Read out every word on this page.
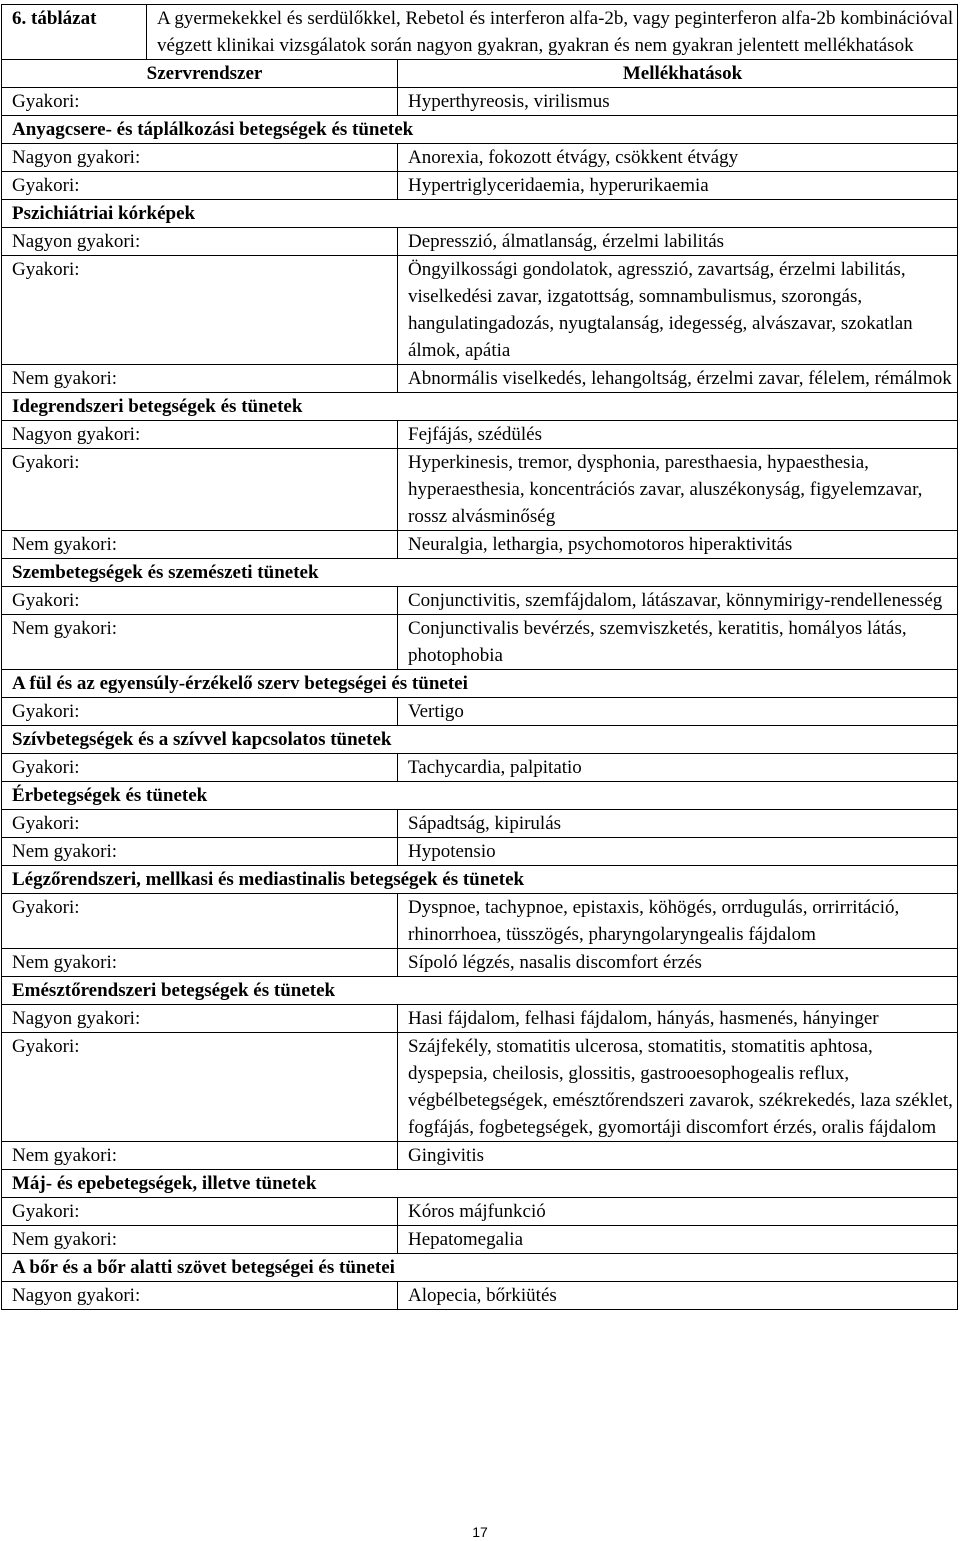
6. táblázat	A gyermekekkel és serdülőkkel, Rebetol és interferon alfa-2b, vagy peginterferon alfa-2b kombinációval végzett klinikai vizsgálatok során nagyon gyakran, gyakran és nem gyakran jelentett mellékhatások	
Szervrendszer		Mellékhatások
Gyakori:		Hyperthyreosis, virilismus
Anyagcsere- és táplálkozási betegségek és tünetek		
Nagyon gyakori:		Anorexia, fokozott étvágy, csökkent étvágy
Gyakori:		Hypertriglyceridaemia, hyperurikaemia
Pszichiátriai kórképek		
Nagyon gyakori:		Depresszió, álmatlanság, érzelmi labilitás
Gyakori:		Öngyilkossági gondolatok, agresszió, zavartság, érzelmi labilitás, viselkedési zavar, izgatottság, somnambulismus, szorongás, hangulatingadozás, nyugtalanság, idegesség, alvászavar, szokatlan álmok, apátia
Nem gyakori:		Abnormális viselkedés, lehangoltság, érzelmi zavar, félelem, rémálmok
Idegrendszeri betegségek és tünetek		
Nagyon gyakori:		Fejfájás, szédülés
Gyakori:		Hyperkinesis, tremor, dysphonia, paresthaesia, hypaesthesia, hyperaesthesia, koncentrációs zavar, aluszékonyság, figyelemzavar, rossz alvásminőség
Nem gyakori:		Neuralgia, lethargia, psychomotoros hiperaktivitás
Szembetegségek és szemészeti tünetek		
Gyakori:		Conjunctivitis, szemfájdalom, látászavar, könnymirigy-rendellenesség
Nem gyakori:		Conjunctivalis bevérzés, szemviszketés, keratitis, homályos látás, photophobia
A fül és az egyensúly-érzékelő szerv betegségei és tünetei		
Gyakori:		Vertigo
Szívbetegségek és a szívvel kapcsolatos tünetek		
Gyakori:		Tachycardia, palpitatio
Érbetegségek és tünetek		
Gyakori:		Sápadtság, kipirulás
Nem gyakori:		Hypotensio
Légzőrendszeri, mellkasi és mediastinalis betegségek és tünetek		
Gyakori:		Dyspnoe, tachypnoe, epistaxis, köhögés, orrdugulás, orrirritáció, rhinorrhoea, tüsszögés, pharyngolaryngealis fájdalom
Nem gyakori:		Sípoló légzés, nasalis discomfort érzés
Emésztőrendszeri betegségek és tünetek		
Nagyon gyakori:		Hasi fájdalom, felhasi fájdalom, hányás, hasmenés, hányinger
Gyakori:		Szájfekély, stomatitis ulcerosa, stomatitis, stomatitis aphtosa, dyspepsia, cheilosis, glossitis, gastrooesophogealis reflux, végbélbetegségek, emésztőrendszeri zavarok, székrekedés, laza széklet, fogfájás, fogbetegségek, gyomortáji discomfort érzés, oralis fájdalom
Nem gyakori:		Gingivitis
Máj- és epebetegségek, illetve tünetek		
Gyakori:		Kóros májfunkció
Nem gyakori:		Hepatomegalia
A bőr és a bőr alatti szövet betegségei és tünetei		
Nagyon gyakori:		Alopecia, bőrkiütés
17
